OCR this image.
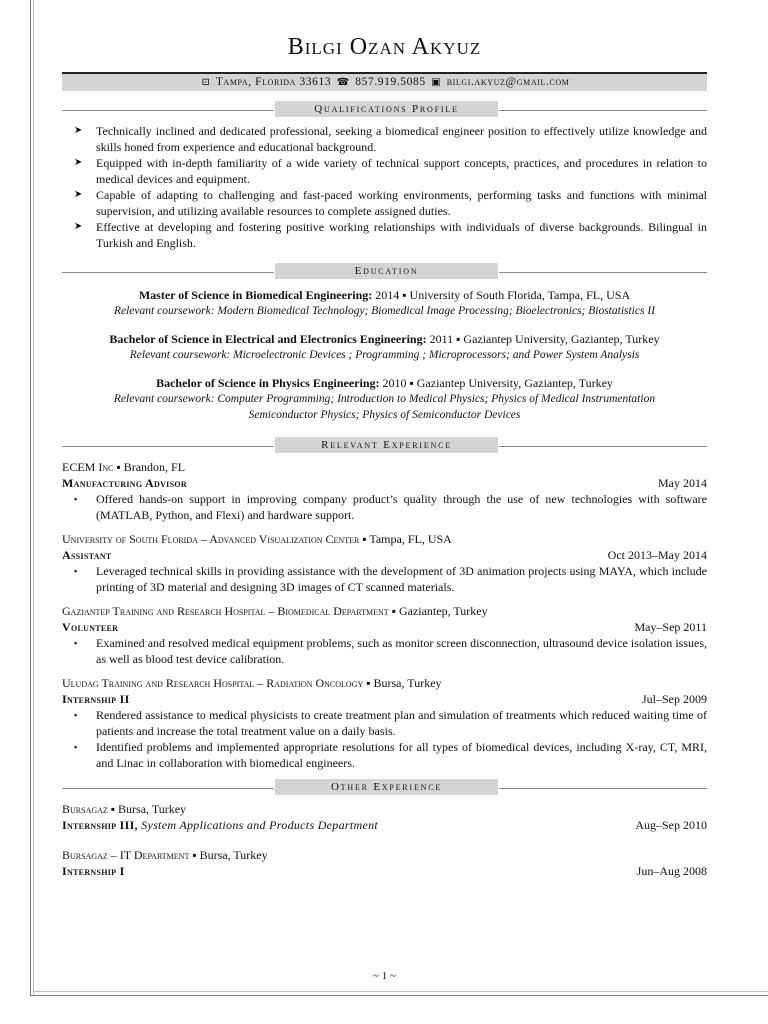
Bilgi Ozan Akyuz
⊡ Tampa, Florida 33613 ☎ 857.919.5085 ▣ bilgi.akyuz@gmail.com
Qualifications Profile
➤ Technically inclined and dedicated professional, seeking a biomedical engineer position to effectively utilize knowledge and skills honed from experience and educational background.
➤ Equipped with in-depth familiarity of a wide variety of technical support concepts, practices, and procedures in relation to medical devices and equipment.
➤ Capable of adapting to challenging and fast-paced working environments, performing tasks and functions with minimal supervision, and utilizing available resources to complete assigned duties.
➤ Effective at developing and fostering positive working relationships with individuals of diverse backgrounds. Bilingual in Turkish and English.
Education
Master of Science in Biomedical Engineering: 2014 ▪ University of South Florida, Tampa, FL, USA
Relevant coursework: Modern Biomedical Technology; Biomedical Image Processing; Bioelectronics; Biostatistics II
Bachelor of Science in Electrical and Electronics Engineering: 2011 ▪ Gaziantep University, Gaziantep, Turkey
Relevant coursework: Microelectronic Devices ; Programming ; Microprocessors; and Power System Analysis
Bachelor of Science in Physics Engineering: 2010 ▪ Gaziantep University, Gaziantep, Turkey
Relevant coursework: Computer Programming; Introduction to Medical Physics; Physics of Medical Instrumentation
Semiconductor Physics; Physics of Semiconductor Devices
Relevant Experience
ECEM Inc ▪ Brandon, FL
Manufacturing Advisor	May 2014
▪ Offered hands-on support in improving company product’s quality through the use of new technologies with software (MATLAB, Python, and Flexi) and hardware support.
University of South Florida – Advanced Visualization Center ▪ Tampa, FL, USA
Assistant	Oct 2013–May 2014
▪ Leveraged technical skills in providing assistance with the development of 3D animation projects using MAYA, which include printing of 3D material and designing 3D images of CT scanned materials.
Gaziantep Training and Research Hospital – Biomedical Department ▪ Gaziantep, Turkey
Volunteer	May–Sep 2011
▪ Examined and resolved medical equipment problems, such as monitor screen disconnection, ultrasound device isolation issues, as well as blood test device calibration.
Uludag Training and Research Hospital – Radiation Oncology ▪ Bursa, Turkey
Internship II	Jul–Sep 2009
▪ Rendered assistance to medical physicists to create treatment plan and simulation of treatments which reduced waiting time of patients and increase the total treatment value on a daily basis.
▪ Identified problems and implemented appropriate resolutions for all types of biomedical devices, including X-ray, CT, MRI, and Linac in collaboration with biomedical engineers.
Other Experience
Bursagaz ▪ Bursa, Turkey
Internship III, System Applications and Products Department	Aug–Sep 2010
Bursagaz – IT Department ▪ Bursa, Turkey
Internship I	Jun–Aug 2008
~ 1 ~
